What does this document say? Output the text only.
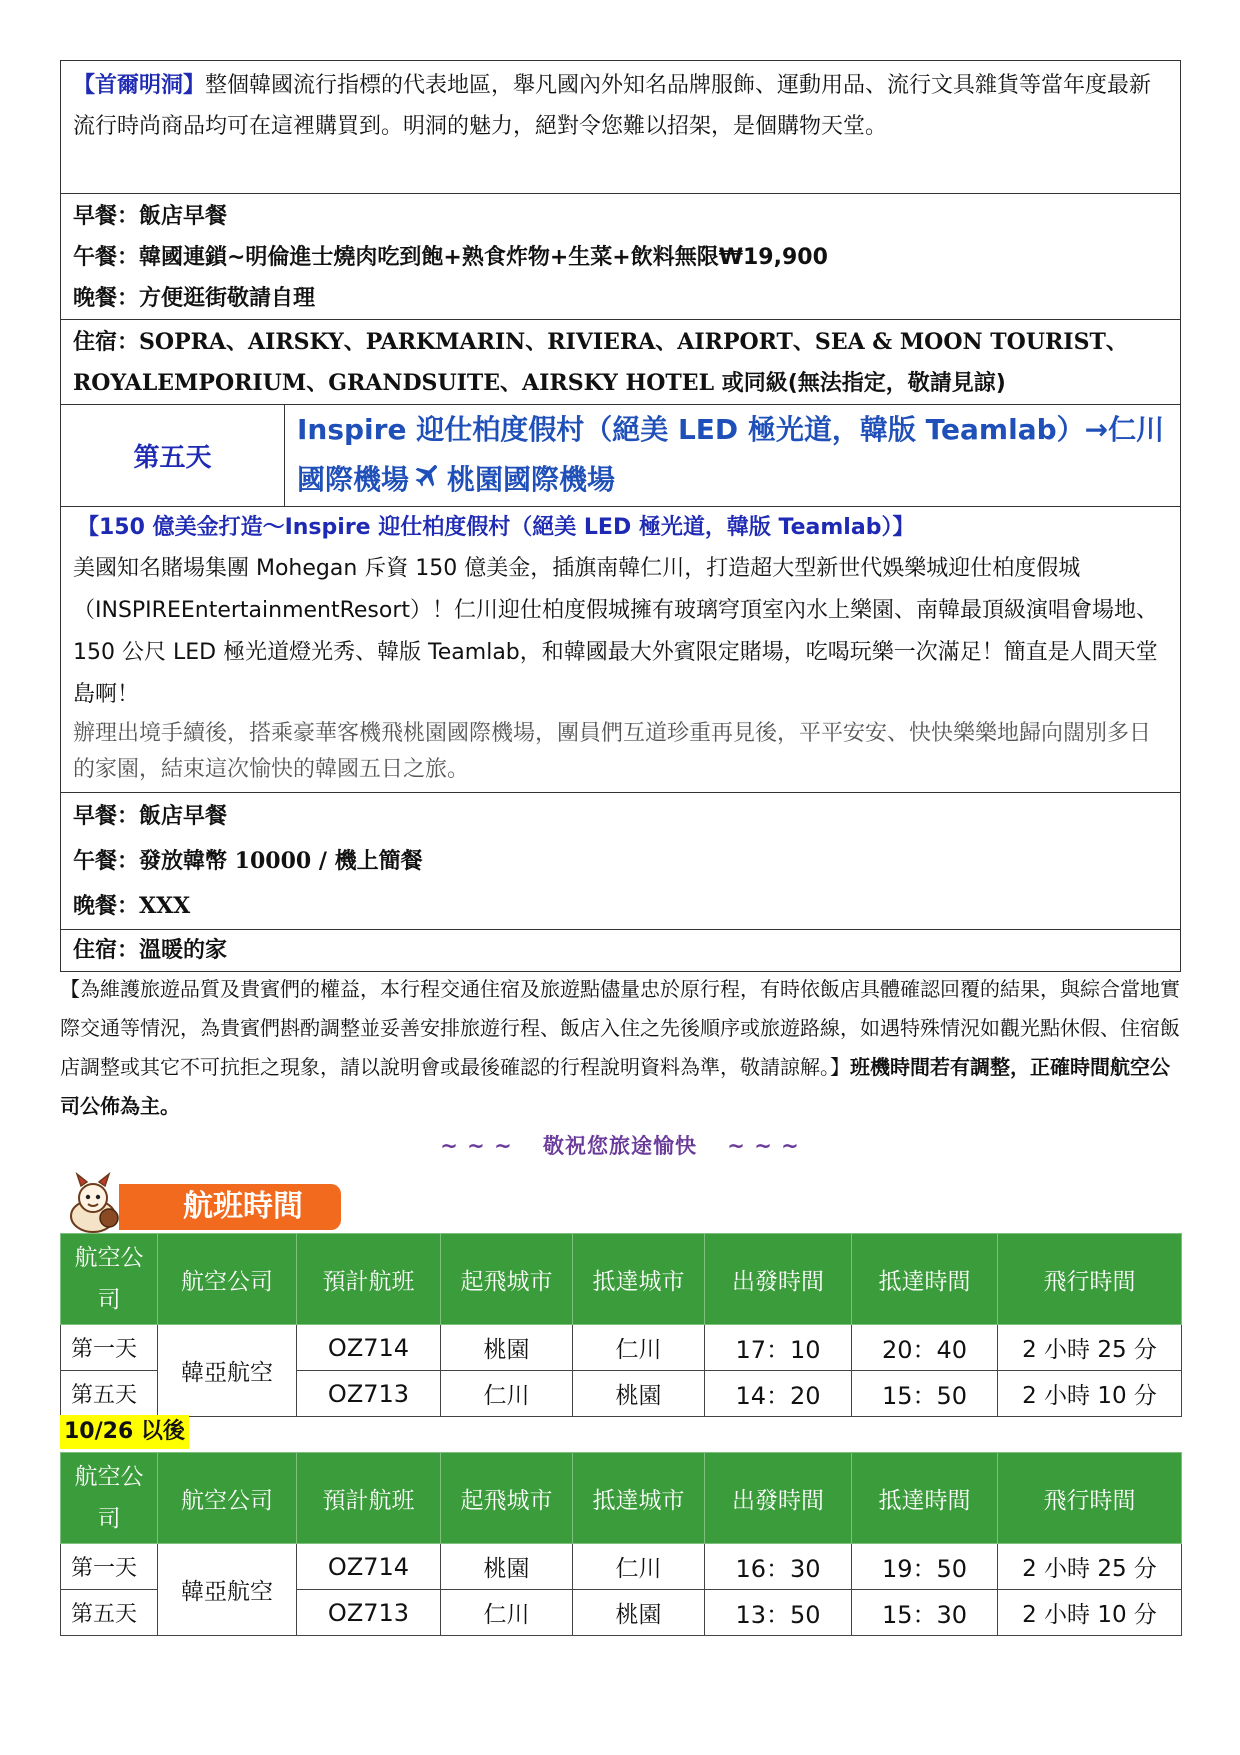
【首爾明洞】整個韓國流行指標的代表地區，舉凡國內外知名品牌服飾、運動用品、流行文具雜貨等當年度最新流行時尚商品均可在這裡購買到。明洞的魅力，絕對令您難以招架，是個購物天堂。

早餐：飯店早餐

午餐：韓國連鎖~明倫進士燒肉吃到飽+熟食炸物+生菜+飲料無限₩19,900

晚餐：方便逛街敬請自理

住宿：SOPRA、AIRSKY、PARKMARIN、RIVIERA、AIRPORT、SEA & MOON TOURIST、

ROYALEMPORIUM、GRANDSUITE、AIRSKY HOTEL 或同級(無法指定，敬請見諒)

第五天	
Inspire 迎仕柏度假村（絕美 LED 極光道，韓版 Teamlab）→仁川
國際機場 桃園國際機場

【150 億美金打造～Inspire 迎仕柏度假村（絕美 LED 極光道，韓版 Teamlab）】

美國知名賭場集團 Mohegan 斥資 150 億美金，插旗南韓仁川，打造超大型新世代娛樂城迎仕柏度假城（INSPIREEntertainmentResort）！仁川迎仕柏度假城擁有玻璃穹頂室內水上樂園、南韓最頂級演唱會場地、150 公尺 LED 極光道燈光秀、韓版 Teamlab，和韓國最大外賓限定賭場，吃喝玩樂一次滿足！簡直是人間天堂島啊！

辦理出境手續後，搭乘豪華客機飛桃園國際機場，團員們互道珍重再見後，平平安安、快快樂樂地歸向闊別多日的家園，結束這次愉快的韓國五日之旅。

早餐：飯店早餐

午餐：發放韓幣 10000 / 機上簡餐

晚餐：XXX

住宿：溫暖的家

【為維護旅遊品質及貴賓們的權益，本行程交通住宿及旅遊點儘量忠於原行程，有時依飯店具體確認回覆的結果，與綜合當地實際交通等情況，為貴賓們斟酌調整並妥善安排旅遊行程、飯店入住之先後順序或旅遊路線，如遇特殊情況如觀光點休假、住宿飯店調整或其它不可抗拒之現象，請以說明會或最後確認的行程說明資料為準，敬請諒解。】班機時間若有調整，正確時間航空公司公佈為主。
~ ~ ~　 敬祝您旅途愉快　 ~ ~ ~
航班時間
航空公司	航空公司	預計航班	起飛城市	抵達城市	出發時間	抵達時間	飛行時間
第一天	韓亞航空	OZ714	桃園	仁川	17：10	20：40	2 小時 25 分
第五天		OZ713	仁川	桃園	14：20	15：50	2 小時 10 分
10/26 以後
航空公司	航空公司	預計航班	起飛城市	抵達城市	出發時間	抵達時間	飛行時間
第一天	韓亞航空	OZ714	桃園	仁川	16：30	19：50	2 小時 25 分
第五天		OZ713	仁川	桃園	13：50	15：30	2 小時 10 分
